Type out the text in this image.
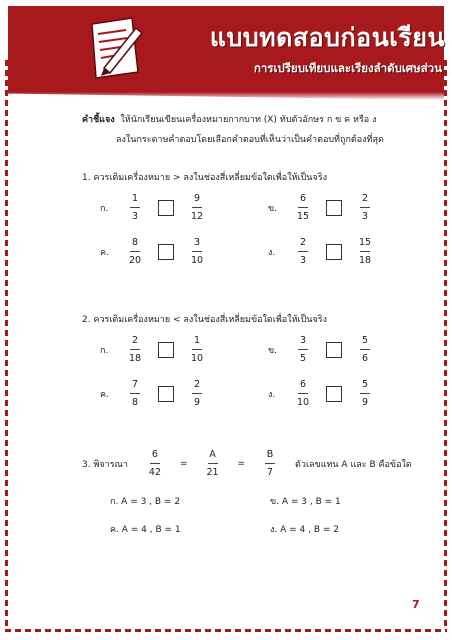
แบบทดสอบก่อนเรียน
การเปรียบเทียบและเรียงลำดับเศษส่วน
คำชี้แจง ให้นักเรียนเขียนเครื่องหมายกากบาท (X) ทับตัวอักษร ก ข ค หรือ ง
ลงในกระดาษคำตอบโดยเลือกคำตอบที่เห็นว่าเป็นคำตอบที่ถูกต้องที่สุด
1. ควรเติมเครื่องหมาย > ลงในช่องสี่เหลี่ยมข้อใดเพื่อให้เป็นจริง
ก.	$\frac{1}{3}$	$\frac{9}{12}$	ข. $\frac{6}{15}$	$\frac{2}{3}$
ค. $\frac{8}{20}$	$\frac{3}{10}$	ง.	$\frac{2}{3}$	$\frac{15}{18}$
2. ควรเติมเครื่องหมาย < ลงในช่องสี่เหลี่ยมข้อใดเพื่อให้เป็นจริง
ก.	$\frac{2}{18}$	$\frac{1}{10}$	ข. $\frac{3}{5}$	$\frac{5}{6}$
ค. $\frac{7}{8}$	$\frac{2}{9}$	ง.	$\frac{6}{10}$	$\frac{5}{9}$
3. พิจารณา $\frac{6}{42} = \frac{A}{21} = \frac{B}{7}$ ตัวเลขแทน A และ B คือข้อใด
ก. A = 3 , B = 2	ข. A = 3 , B = 1
ค. A = 4 , B = 1	ง. A = 4 , B = 2
7
